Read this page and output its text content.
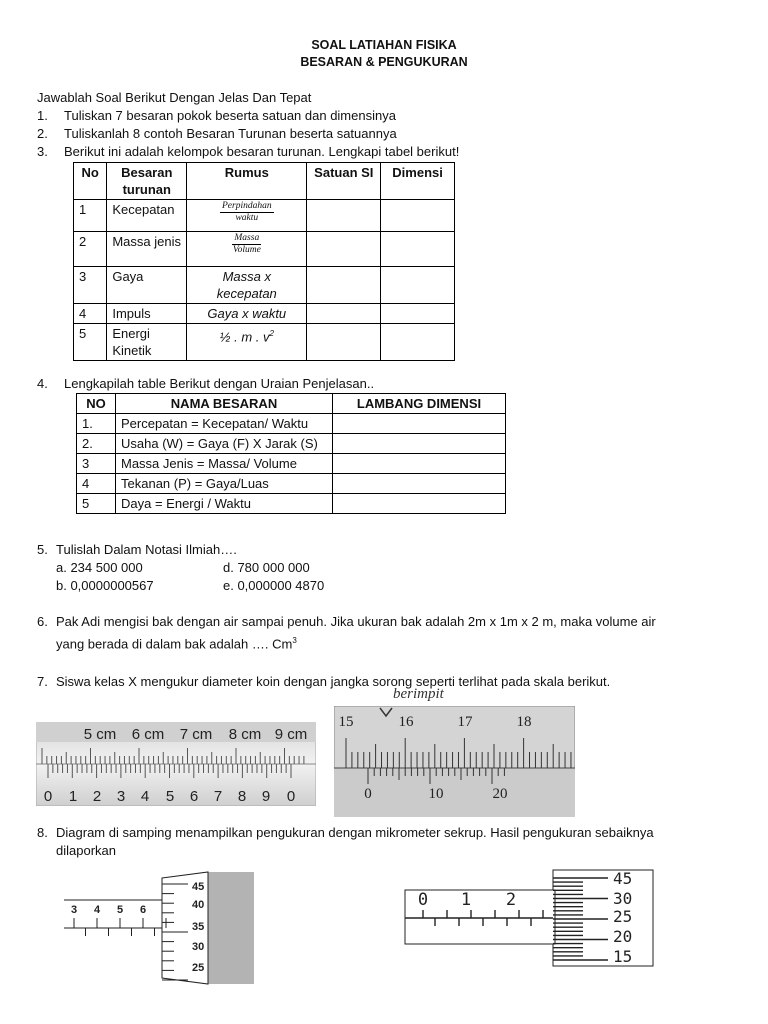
SOAL LATIAHAN FISIKA
BESARAN & PENGUKURAN
Jawablah Soal Berikut Dengan Jelas Dan Tepat
1. Tuliskan 7 besaran pokok beserta satuan dan dimensinya
2. Tuliskanlah 8 contoh Besaran Turunan beserta satuannya
3. Berikut ini adalah kelompok besaran turunan. Lengkapi tabel berikut!
No	Besaran turunan	Rumus	Satuan SI	Dimensi
1	Kecepatan	$\frac{\text{Perpindahan}}{\text{waktu}}$

2	Massa jenis	$\frac{\text{Massa}}{\text{Volume}}$

3	Gaya	Massa x kecepatan		
4	Impuls	Gaya x waktu		
5	Energi Kinetik	½ . m . $v^2$		
4. Lengkapilah table Berikut dengan Uraian Penjelasan..
NO	NAMA BESARAN	LAMBANG DIMENSI
1.	Percepatan = Kecepatan/ Waktu	
2.	Usaha (W) = Gaya (F) X Jarak (S)	
3	Massa Jenis = Massa/ Volume	
4	Tekanan (P) = Gaya/Luas	
5	Daya = Energi / Waktu	
5. Tulislah Dalam Notasi Ilmiah….
a. 234 500 000	d. 780 000 000
b. 0,0000000567	e. 0,000000 4870
6. Pak Adi mengisi bak dengan air sampai penuh. Jika ukuran bak adalah 2m x 1m x 2 m, maka volume air
yang berada di dalam bak adalah …. Cm$^3$
7. Siswa kelas X mengukur diameter koin dengan jangka sorong seperti terlihat pada skala berikut.
5 cm 6 cm 7 cm 8 cm 9 cm
0 1 2 3 4 5 6 7 8 9 0
berimpit
15	16	17	18
0	10	20
8. Diagram di samping menampilkan pengukuran dengan mikrometer sekrup. Hasil pengukuran sebaiknya
dilaporkan
3 4 5 6
45
40
35
30
25
0 1 2
45
30
25
20
15
